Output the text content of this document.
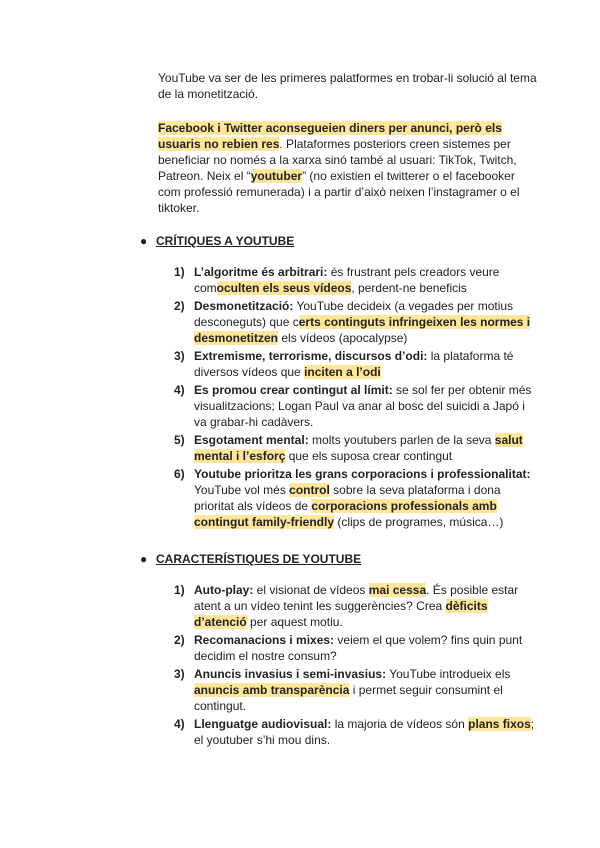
YouTube va ser de les primeres palatformes en trobar-li solució al tema de la monetització.
Facebook i Twitter aconsegueien diners per anunci, però els usuaris no rebien res. Plataformes posteriors creen sistemes per beneficiar no només a la xarxa sinó també al usuari: TikTok, Twitch, Patreon. Neix el “youtuber” (no existien el twitterer o el facebooker com professió remunerada) i a partir d’això neixen l’instagramer o el tiktoker.
● CRÍTIQUES A YOUTUBE
1) L’algoritme és arbitrari: és frustrant pels creadors veure comoculten els seus vídeos, perdent-ne beneficis
2) Desmonetització: YouTube decideix (a vegades per motius desconeguts) que certs continguts infringeixen les normes i desmonetitzen els vídeos (apocalypse)
3) Extremisme, terrorisme, discursos d’odi: la plataforma té diversos vídeos que inciten a l’odi
4) Es promou crear contingut al límit: se sol fer per obtenir més visualitzacions; Logan Paul va anar al bosc del suicidi a Japó i va grabar-hi cadàvers.
5) Esgotament mental: molts youtubers parlen de la seva salut mental i l’esforç que els suposa crear contingut
6) Youtube prioritza les grans corporacions i professionalitat: YouTube vol més control sobre la seva plataforma i dona prioritat als vídeos de corporacions professionals amb contingut family-friendly (clips de programes, música…)
● CARACTERÍSTIQUES DE YOUTUBE
1) Auto-play: el visionat de vídeos mai cessa. És posible estar atent a un vídeo tenint les suggerències? Crea dèficits d’atenció per aquest motiu.
2) Recomanacions i mixes: veiem el que volem? fins quin punt decidim el nostre consum?
3) Anuncis invasius i semi-invasius: YouTube introdueix els anuncis amb transparència i permet seguir consumint el contingut.
4) Llenguatge audiovisual: la majoria de vídeos són plans fixos; el youtuber s’hi mou dins.
